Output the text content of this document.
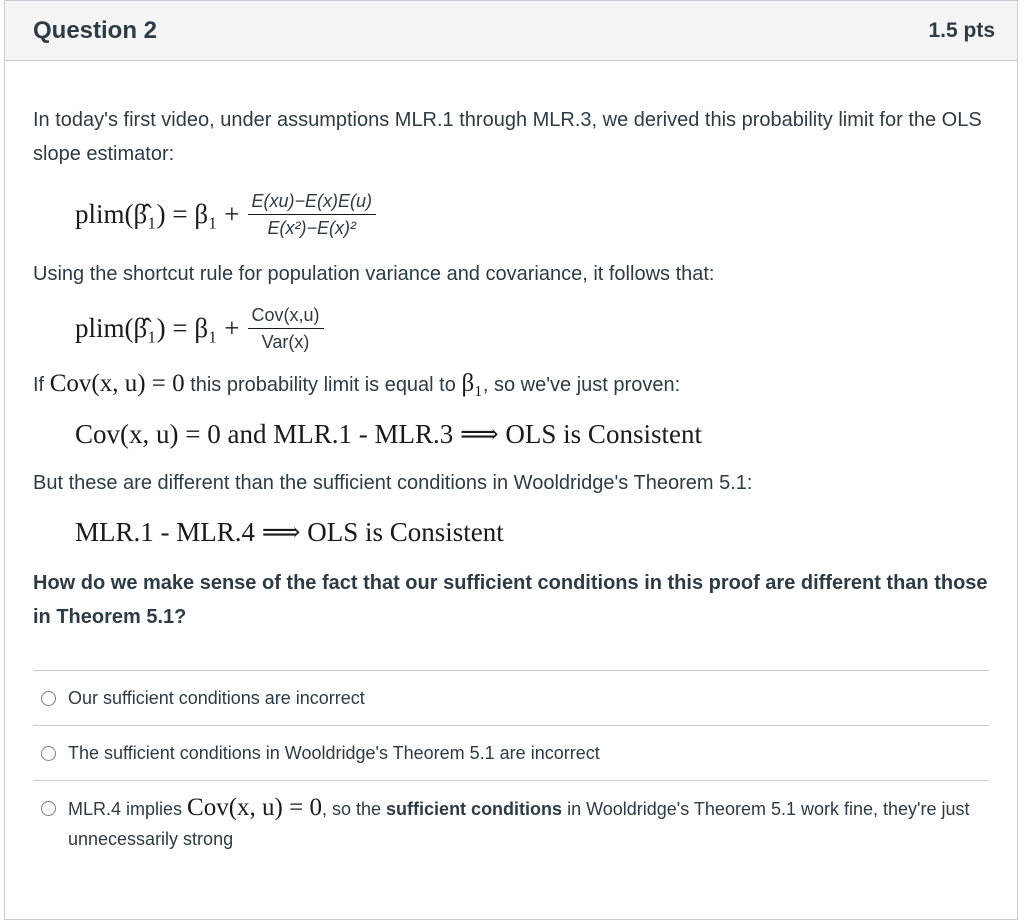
Question 2	1.5 pts

In today's first video, under assumptions MLR.1 through MLR.3, we derived this probability limit for the OLS slope estimator:

plim(β̂₁) = $\beta_1 + \frac{E(xu)-E(x)E(u)}{\text{E(x²)−E(x)²}}$

Using the shortcut rule for population variance and covariance, it follows that:

plim(β̂₁) = $\beta_1 + \frac{\text{Cov(x,u)}}{\text{Var(x)}}$

If Cov(x, u) = 0 this probability limit is equal to β₁, so we've just proven:

Cov(x, u) = 0 and MLR.1 - MLR.3 ⟹ OLS is Consistent

But these are different than the sufficient conditions in Wooldridge's Theorem 5.1:

MLR.1 - MLR.4 ⟹ OLS is Consistent

How do we make sense of the fact that our sufficient conditions in this proof are different than those in Theorem 5.1?

Our sufficient conditions are incorrect
The sufficient conditions in Wooldridge's Theorem 5.1 are incorrect
MLR.4 implies Cov(x, u) = 0, so the sufficient conditions in Wooldridge's Theorem 5.1 work fine, they're just unnecessarily strong
